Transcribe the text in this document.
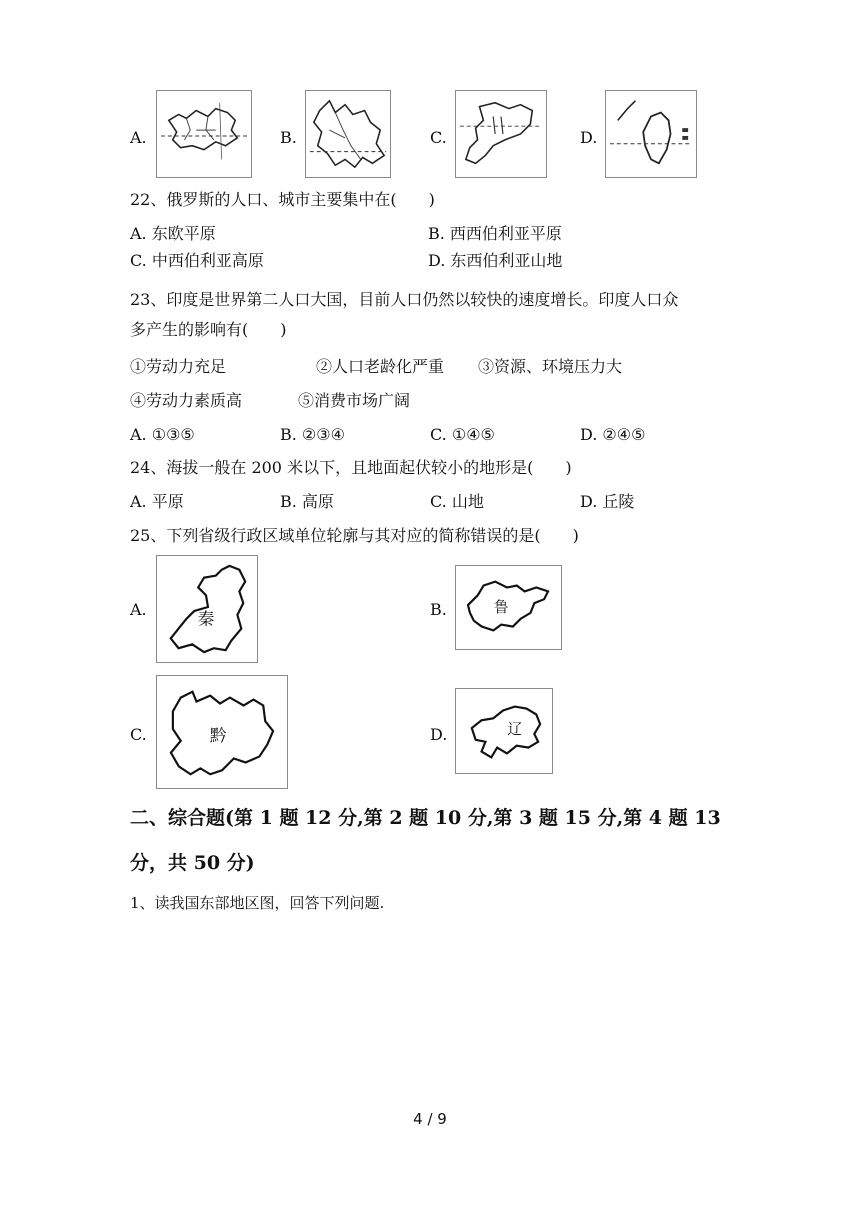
A.	B.	C.	D.
22、俄罗斯的人口、城市主要集中在(　　)
A. 东欧平原	B. 西西伯利亚平原
C. 中西伯利亚高原	D. 东西伯利亚山地
23、印度是世界第二人口大国，目前人口仍然以较快的速度增长。印度人口众
多产生的影响有(　　)
①劳动力充足	②人口老龄化严重 ③资源、环境压力大
④劳动力素质高	⑤消费市场广阔
A. ①③⑤	B. ②③④	C. ①④⑤	D. ②④⑤
24、海拔一般在 200 米以下，且地面起伏较小的地形是(　　)
A. 平原	B. 高原	C. 山地	D. 丘陵
25、下列省级行政区域单位轮廓与其对应的简称错误的是(　　)
A.
秦
B.	鲁
C.	黔	D.	辽
二、综合题(第 1 题 12 分,第 2 题 10 分,第 3 题 15 分,第 4 题 13
分，共 50 分)
1、读我国东部地区图，回答下列问题.
4 / 9
